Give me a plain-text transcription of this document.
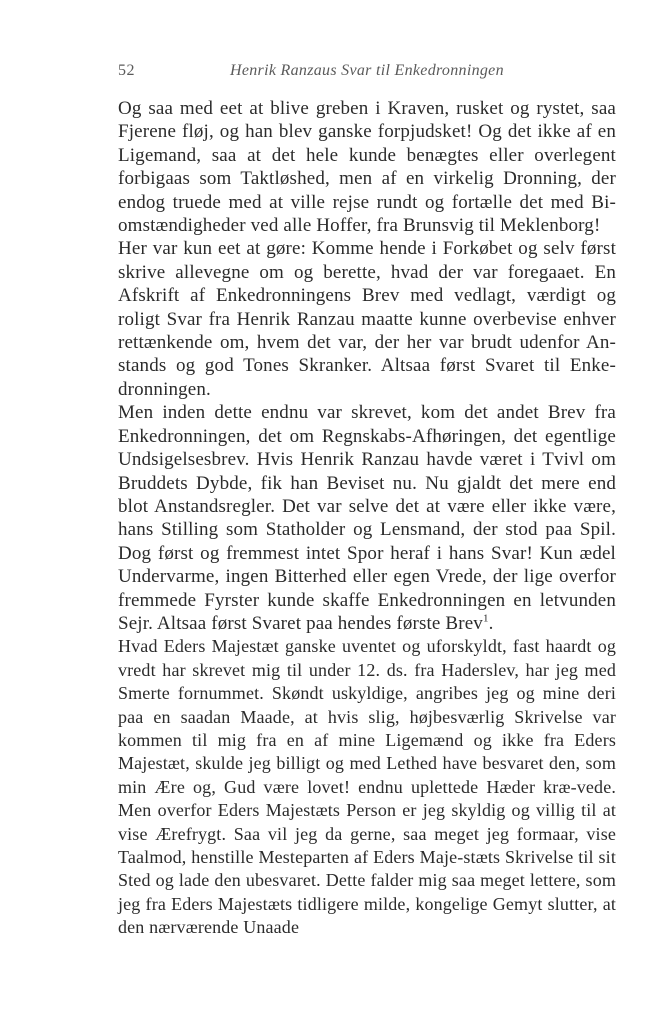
52	Henrik Ranzaus Svar til Enkedronningen

Og saa med eet at blive greben i Kraven, rusket og rystet, saa Fjerene fløj, og han blev ganske forpjudsket! Og det ikke af en Ligemand, saa at det hele kunde benægtes eller overlegent forbigaas som Taktløshed, men af en virkelig Dronning, der endog truede med at ville rejse rundt og fortælle det med Bi-omstændigheder ved alle Hoffer, fra Brunsvig til Meklenborg!

Her var kun eet at gøre: Komme hende i Forkøbet og selv først skrive allevegne om og berette, hvad der var foregaaet. En Afskrift af Enkedronningens Brev med vedlagt, værdigt og roligt Svar fra Henrik Ranzau maatte kunne overbevise enhver rettænkende om, hvem det var, der her var brudt udenfor An-stands og god Tones Skranker. Altsaa først Svaret til Enke-dronningen.

Men inden dette endnu var skrevet, kom det andet Brev fra Enkedronningen, det om Regnskabs-Afhøringen, det egentlige Undsigelsesbrev. Hvis Henrik Ranzau havde været i Tvivl om Bruddets Dybde, fik han Beviset nu. Nu gjaldt det mere end blot Anstandsregler. Det var selve det at være eller ikke være, hans Stilling som Statholder og Lensmand, der stod paa Spil. Dog først og fremmest intet Spor heraf i hans Svar! Kun ædel Undervarme, ingen Bitterhed eller egen Vrede, der lige overfor fremmede Fyrster kunde skaffe Enkedronningen en letvunden Sejr. Altsaa først Svaret paa hendes første Brev$^1$.

Hvad Eders Majestæt ganske uventet og uforskyldt, fast haardt og vredt har skrevet mig til under 12. ds. fra Haderslev, har jeg med Smerte fornummet. Skøndt uskyldige, angribes jeg og mine deri paa en saadan Maade, at hvis slig, højbesværlig Skrivelse var kommen til mig fra en af mine Ligemænd og ikke fra Eders Majestæt, skulde jeg billigt og med Lethed have besvaret den, som min Ære og, Gud være lovet! endnu uplettede Hæder kræ-vede. Men overfor Eders Majestæts Person er jeg skyldig og villig til at vise Ærefrygt. Saa vil jeg da gerne, saa meget jeg formaar, vise Taalmod, henstille Mesteparten af Eders Maje-stæts Skrivelse til sit Sted og lade den ubesvaret. Dette falder mig saa meget lettere, som jeg fra Eders Majestæts tidligere milde, kongelige Gemyt slutter, at den nærværende Unaade
